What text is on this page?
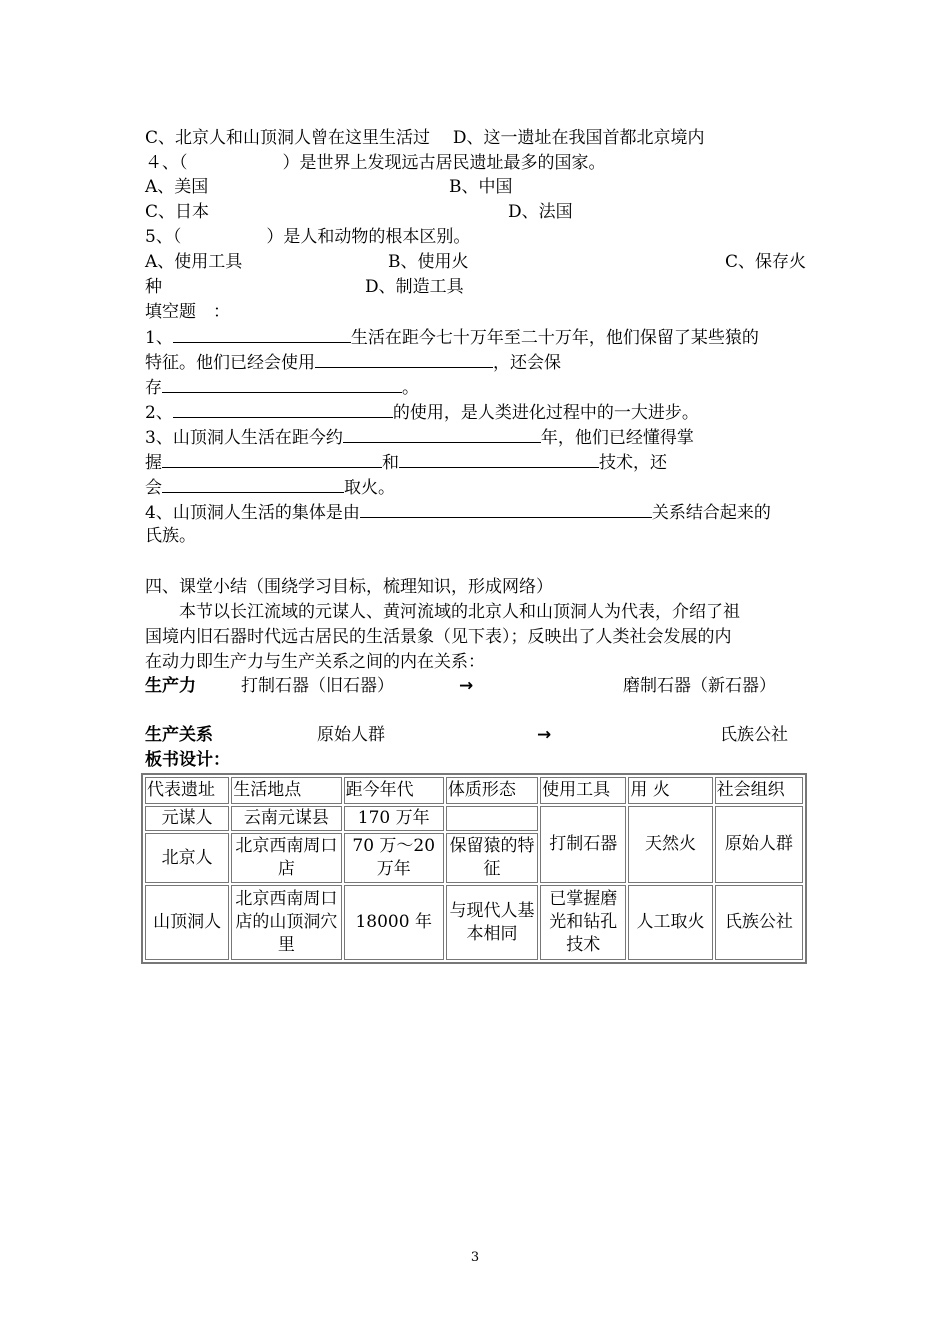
C、北京人和山顶洞人曾在这里生活过 D、这一遗址在我国首都北京境内
４、（	）是世界上发现远古居民遗址最多的国家。
A、美国	B、中国
C、日本	D、法国
5、（	）是人和动物的根本区别。
A、使用工具	B、使用火	C、保存火
种	D、制造工具
填空题　：
1、	生活在距今七十万年至二十万年，他们保留了某些猿的
特征。他们已经会使用	，还会保
存	。
2、	的使用，是人类进化过程中的一大进步。
3、山顶洞人生活在距今约	年，他们已经懂得掌
握	和	技术，还
会	取火。
4、山顶洞人生活的集体是由	关系结合起来的
氏族。
四、课堂小结（围绕学习目标，梳理知识，形成网络）
本节以长江流域的元谋人、黄河流域的北京人和山顶洞人为代表，介绍了祖
国境内旧石器时代远古居民的生活景象（见下表）；反映出了人类社会发展的内
在动力即生产力与生产关系之间的内在关系：
生产力	打制石器（旧石器）	→	磨制石器（新石器）
生产关系	原始人群	→	氏族公社
板书设计：
代表遗址	生活地点	距今年代	体质形态	使用工具	用 火	社会组织
元谋人	云南元谋县	170 万年		打制石器	天然火	原始人群
北京人	北京西南周口店	70 万～20 万年	保留猿的特征			
山顶洞人	北京西南周口店的山顶洞穴里	18000 年	与现代人基本相同	已掌握磨光和钻孔技术	人工取火	氏族公社
3
